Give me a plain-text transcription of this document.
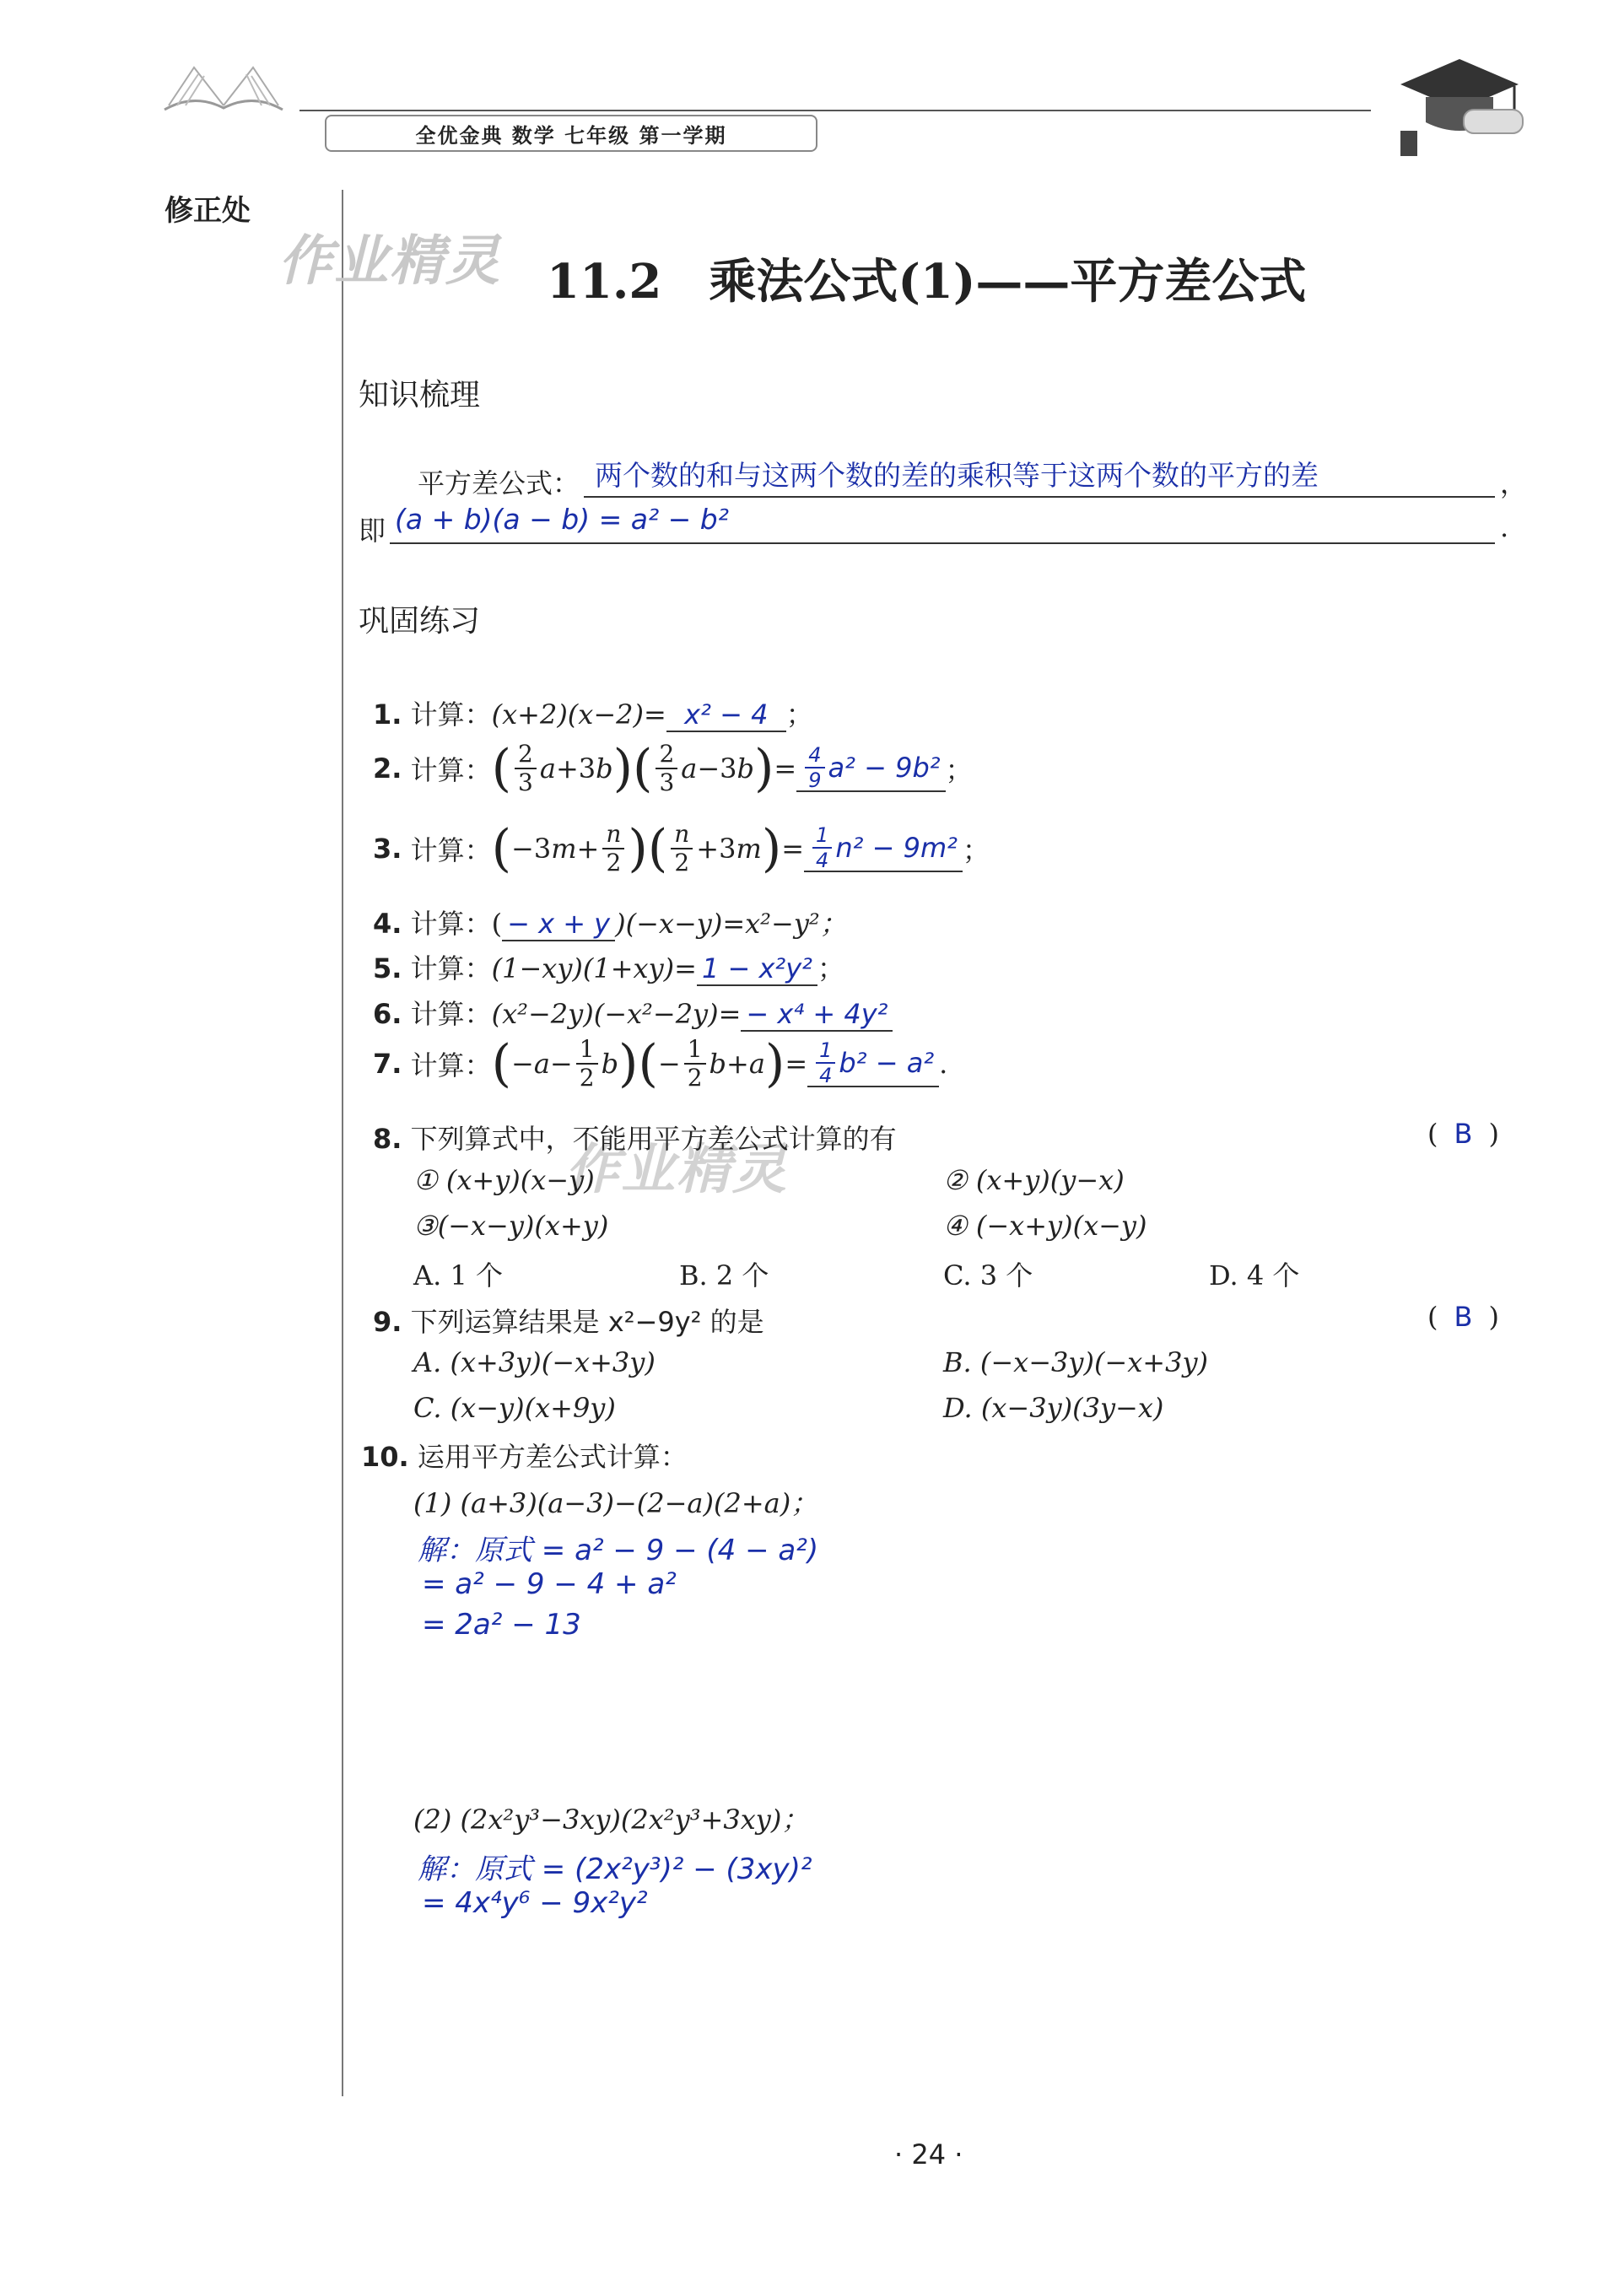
全优金典 数学 七年级 第一学期
修正处
作业精灵
作业精灵
11.2　乘法公式(1)——平方差公式
知识梳理
平方差公式： 两个数的和与这两个数的差的乘积等于这两个数的平方的差	，
即 (a + b)(a − b) = a² − b²	.
巩固练习
1. 计算：(x+2)(x−2)= x² − 4 ；
2.
计算： ( $\frac{2}{3}$ a +3 b ) ( $\frac{2}{3}$ a −3 b ) = $\frac{4}{9} a^2 - 9b^2$ ；
3.
计算： ( −3 $m + \frac{n}{2}$ ) ( $\frac{n}{2} +3$ m ) = $\frac{1}{4} n^2 - 9m^2$ ；
4. 计算：( − x + y )(−x−y)=x²−y²；
5. 计算：(1−xy)(1+xy)= 1 − x²y² ；
6. 计算：(x²−2y)(−x²−2y)= − x⁴ + 4y²
7.
计算： ( − $a - \frac{1}{2}$ b ) ( − $\frac{1}{2}$ b + a ) = $\frac{1}{4} b^2 - a^2$ .
8. 下列算式中，不能用平方差公式计算的有	( B )
① (x+y)(x−y)	② (x+y)(y−x)
③(−x−y)(x+y)	④ (−x+y)(x−y)
A. 1 个	B. 2 个	C. 3 个	D. 4 个
9. 下列运算结果是 x²−9y² 的是	( B )
A. (x+3y)(−x+3y)	B. (−x−3y)(−x+3y)
C. (x−y)(x+9y)	D. (x−3y)(3y−x)
10. 运用平方差公式计算：
(1) (a+3)(a−3)−(2−a)(2+a)；
解：原式 = a² − 9 − (4 − a²)
= a² − 9 − 4 + a²
= 2a² − 13
(2) (2x²y³−3xy)(2x²y³+3xy)；
解：原式 = (2x²y³)² − (3xy)²
= 4x⁴y⁶ − 9x²y²
· 24 ·
